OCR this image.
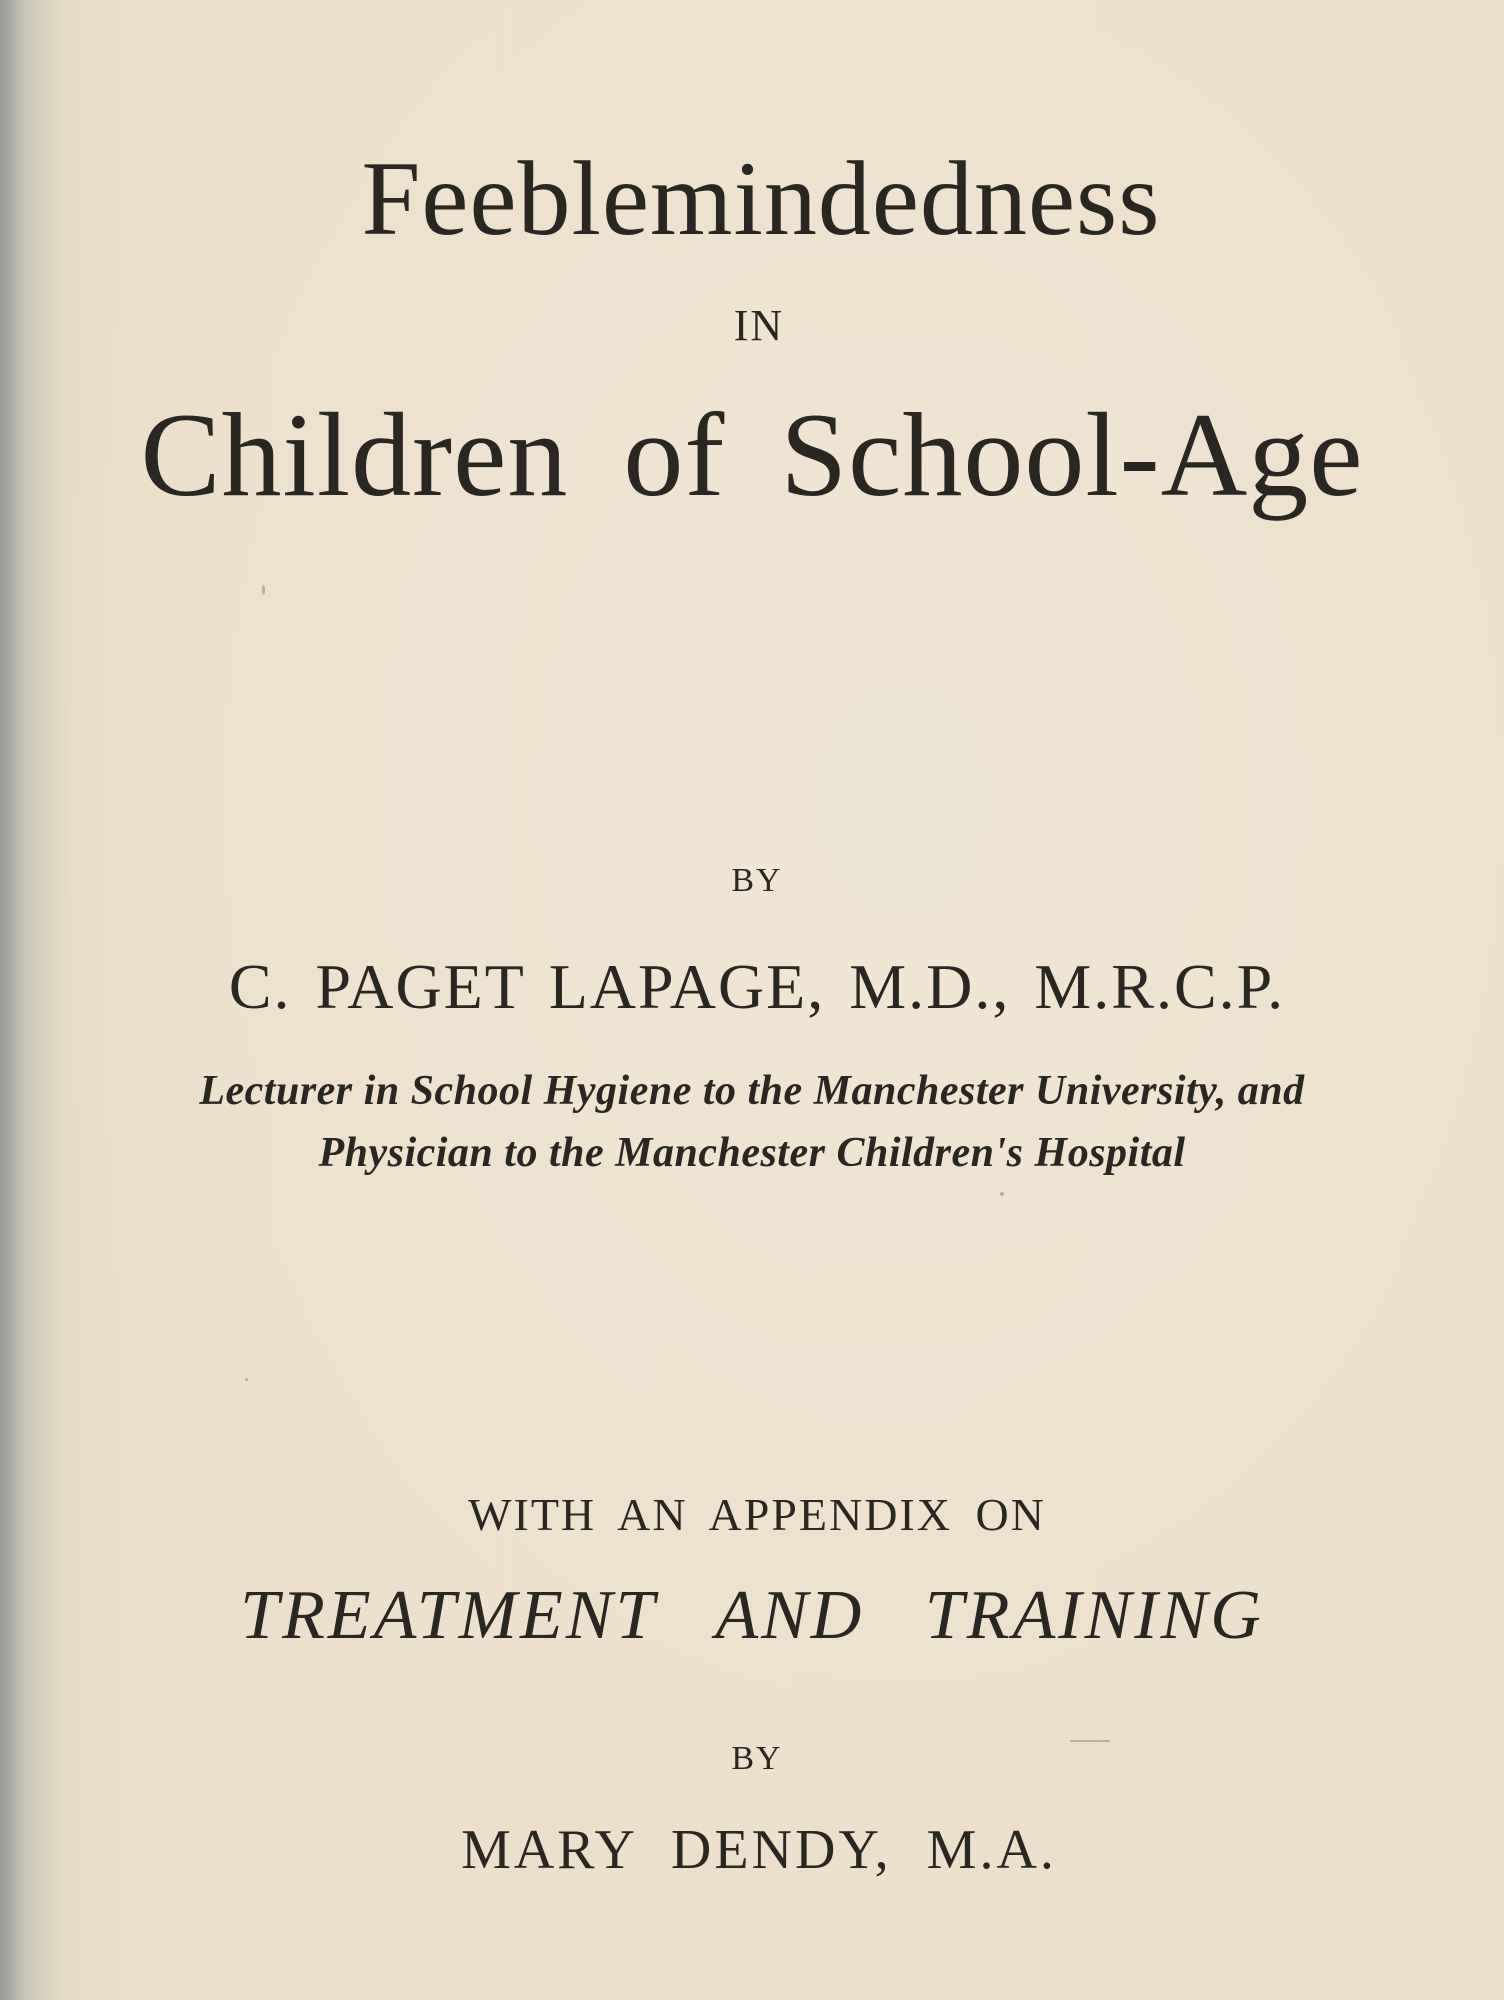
Feeblemindedness
IN
Children of School-Age
BY
C. PAGET LAPAGE, M.D., M.R.C.P.
Lecturer in School Hygiene to the Manchester University, and
Physician to the Manchester Children's Hospital
WITH AN APPENDIX ON
TREATMENT AND TRAINING
BY
MARY DENDY, M.A.
